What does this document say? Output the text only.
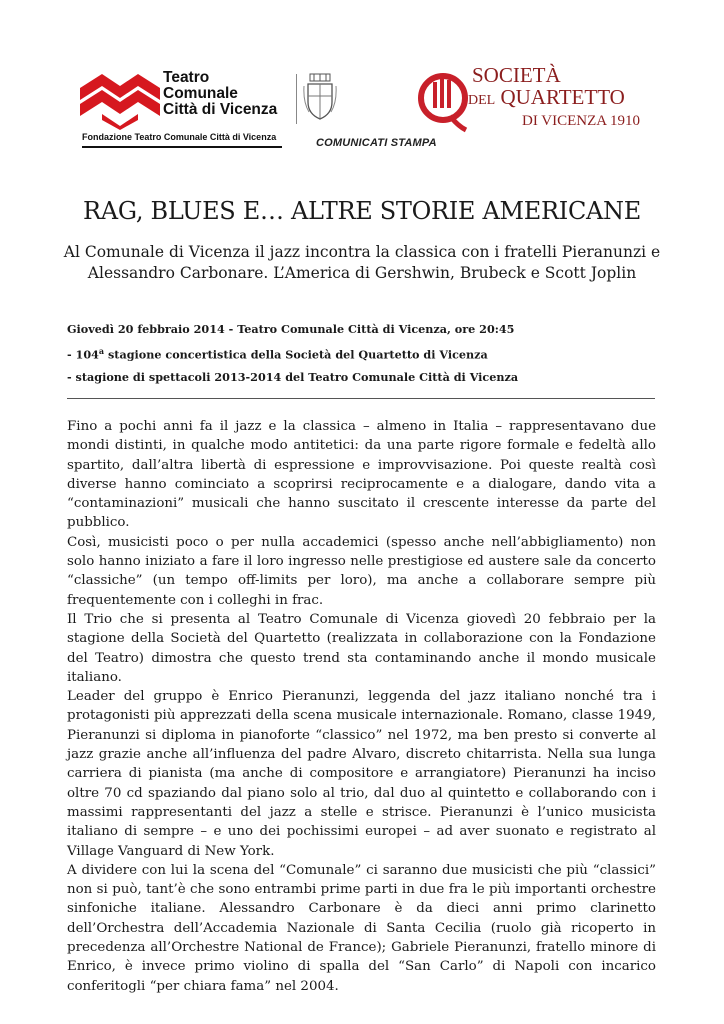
Teatro
Comunale
Città di Vicenza
Fondazione Teatro Comunale Città di Vicenza	COMUNICATI STAMPA
SOCIETÀ
DEL QUARTETTO
DI VICENZA 1910
RAG, BLUES E… ALTRE STORIE AMERICANE

Al Comunale di Vicenza il jazz incontra la classica con i fratelli Pieranunzi e Alessandro Carbonare. L’America di Gershwin, Brubeck e Scott Joplin

Giovedì 20 febbraio 2014 - Teatro Comunale Città di Vicenza, ore 20:45
- 104$^a$ stagione concertistica della Società del Quartetto di Vicenza
- stagione di spettacoli 2013-2014 del Teatro Comunale Città di Vicenza

Fino a pochi anni fa il jazz e la classica – almeno in Italia – rappresentavano due mondi distinti, in qualche modo antitetici: da una parte rigore formale e fedeltà allo spartito, dall’altra libertà di espressione e improvvisazione. Poi queste realtà così diverse hanno cominciato a scoprirsi reciprocamente e a dialogare, dando vita a “contaminazioni” musicali che hanno suscitato il crescente interesse da parte del pubblico.

Così, musicisti poco o per nulla accademici (spesso anche nell’abbigliamento) non solo hanno iniziato a fare il loro ingresso nelle prestigiose ed austere sale da concerto “classiche” (un tempo off-limits per loro), ma anche a collaborare sempre più frequentemente con i colleghi in frac.

Il Trio che si presenta al Teatro Comunale di Vicenza giovedì 20 febbraio per la stagione della Società del Quartetto (realizzata in collaborazione con la Fondazione del Teatro) dimostra che questo trend sta contaminando anche il mondo musicale italiano.

Leader del gruppo è Enrico Pieranunzi, leggenda del jazz italiano nonché tra i protagonisti più apprezzati della scena musicale internazionale. Romano, classe 1949, Pieranunzi si diploma in pianoforte “classico” nel 1972, ma ben presto si converte al jazz grazie anche all’influenza del padre Alvaro, discreto chitarrista. Nella sua lunga carriera di pianista (ma anche di compositore e arrangiatore) Pieranunzi ha inciso oltre 70 cd spaziando dal piano solo al trio, dal duo al quintetto e collaborando con i massimi rappresentanti del jazz a stelle e strisce. Pieranunzi è l’unico musicista italiano di sempre – e uno dei pochissimi europei – ad aver suonato e registrato al Village Vanguard di New York.

A dividere con lui la scena del “Comunale” ci saranno due musicisti che più “classici” non si può, tant’è che sono entrambi prime parti in due fra le più importanti orchestre sinfoniche italiane. Alessandro Carbonare è da dieci anni primo clarinetto dell’Orchestra dell’Accademia Nazionale di Santa Cecilia (ruolo già ricoperto in precedenza all’Orchestre National de France); Gabriele Pieranunzi, fratello minore di Enrico, è invece primo violino di spalla del “San Carlo” di Napoli con incarico conferitogli “per chiara fama” nel 2004.
